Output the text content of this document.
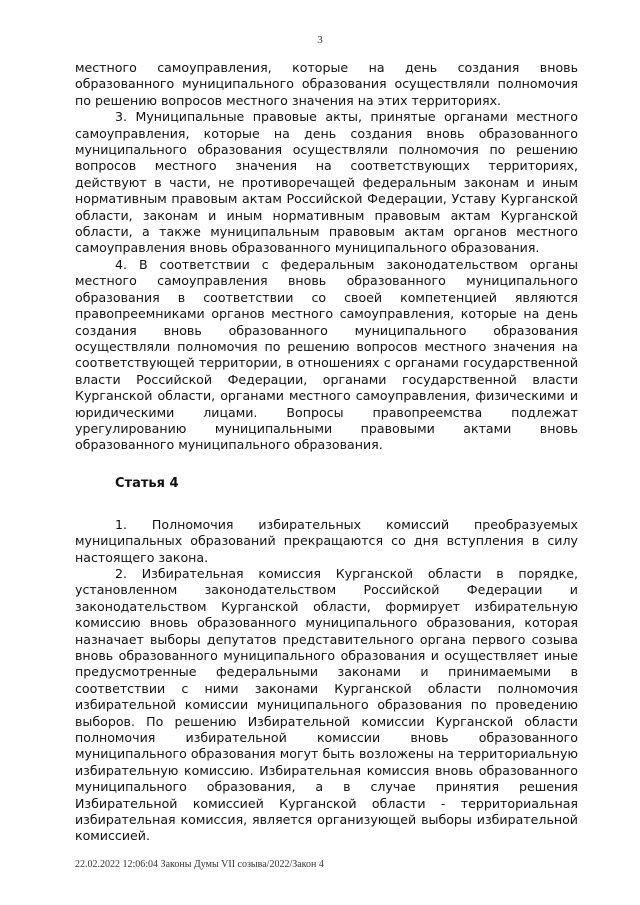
3

местного самоуправления, которые на день создания вновь образованного муниципального образования осуществляли полномочия по решению вопросов местного значения на этих территориях.

3. Муниципальные правовые акты, принятые органами местного самоуправления, которые на день создания вновь образованного муниципального образования осуществляли полномочия по решению вопросов местного значения на соответствующих территориях, действуют в части, не противоречащей федеральным законам и иным нормативным правовым актам Российской Федерации, Уставу Курганской области, законам и иным нормативным правовым актам Курганской области, а также муниципальным правовым актам органов местного самоуправления вновь образованного муниципального образования.

4. В соответствии с федеральным законодательством органы местного самоуправления вновь образованного муниципального образования в соответствии со своей компетенцией являются правопреемниками органов местного самоуправления, которые на день создания вновь образованного муниципального образования осуществляли полномочия по решению вопросов местного значения на соответствующей территории, в отношениях с органами государственной власти Российской Федерации, органами государственной власти Курганской области, органами местного самоуправления, физическими и юридическими лицами. Вопросы правопреемства подлежат урегулированию муниципальными правовыми актами вновь образованного муниципального образования.

Статья 4

1. Полномочия избирательных комиссий преобразуемых муниципальных образований прекращаются со дня вступления в силу настоящего закона.

2. Избирательная комиссия Курганской области в порядке, установленном законодательством Российской Федерации и законодательством Курганской области, формирует избирательную комиссию вновь образованного муниципального образования, которая назначает выборы депутатов представительного органа первого созыва вновь образованного муниципального образования и осуществляет иные предусмотренные федеральными законами и принимаемыми в соответствии с ними законами Курганской области полномочия избирательной комиссии муниципального образования по проведению выборов. По решению Избирательной комиссии Курганской области полномочия избирательной комиссии вновь образованного муниципального образования могут быть возложены на территориальную избирательную комиссию. Избирательная комиссия вновь образованного муниципального образования, а в случае принятия решения Избирательной комиссией Курганской области - территориальная избирательная комиссия, является организующей выборы избирательной комиссией.

22.02.2022 12:06:04 Законы Думы VII созыва/2022/Закон 4
